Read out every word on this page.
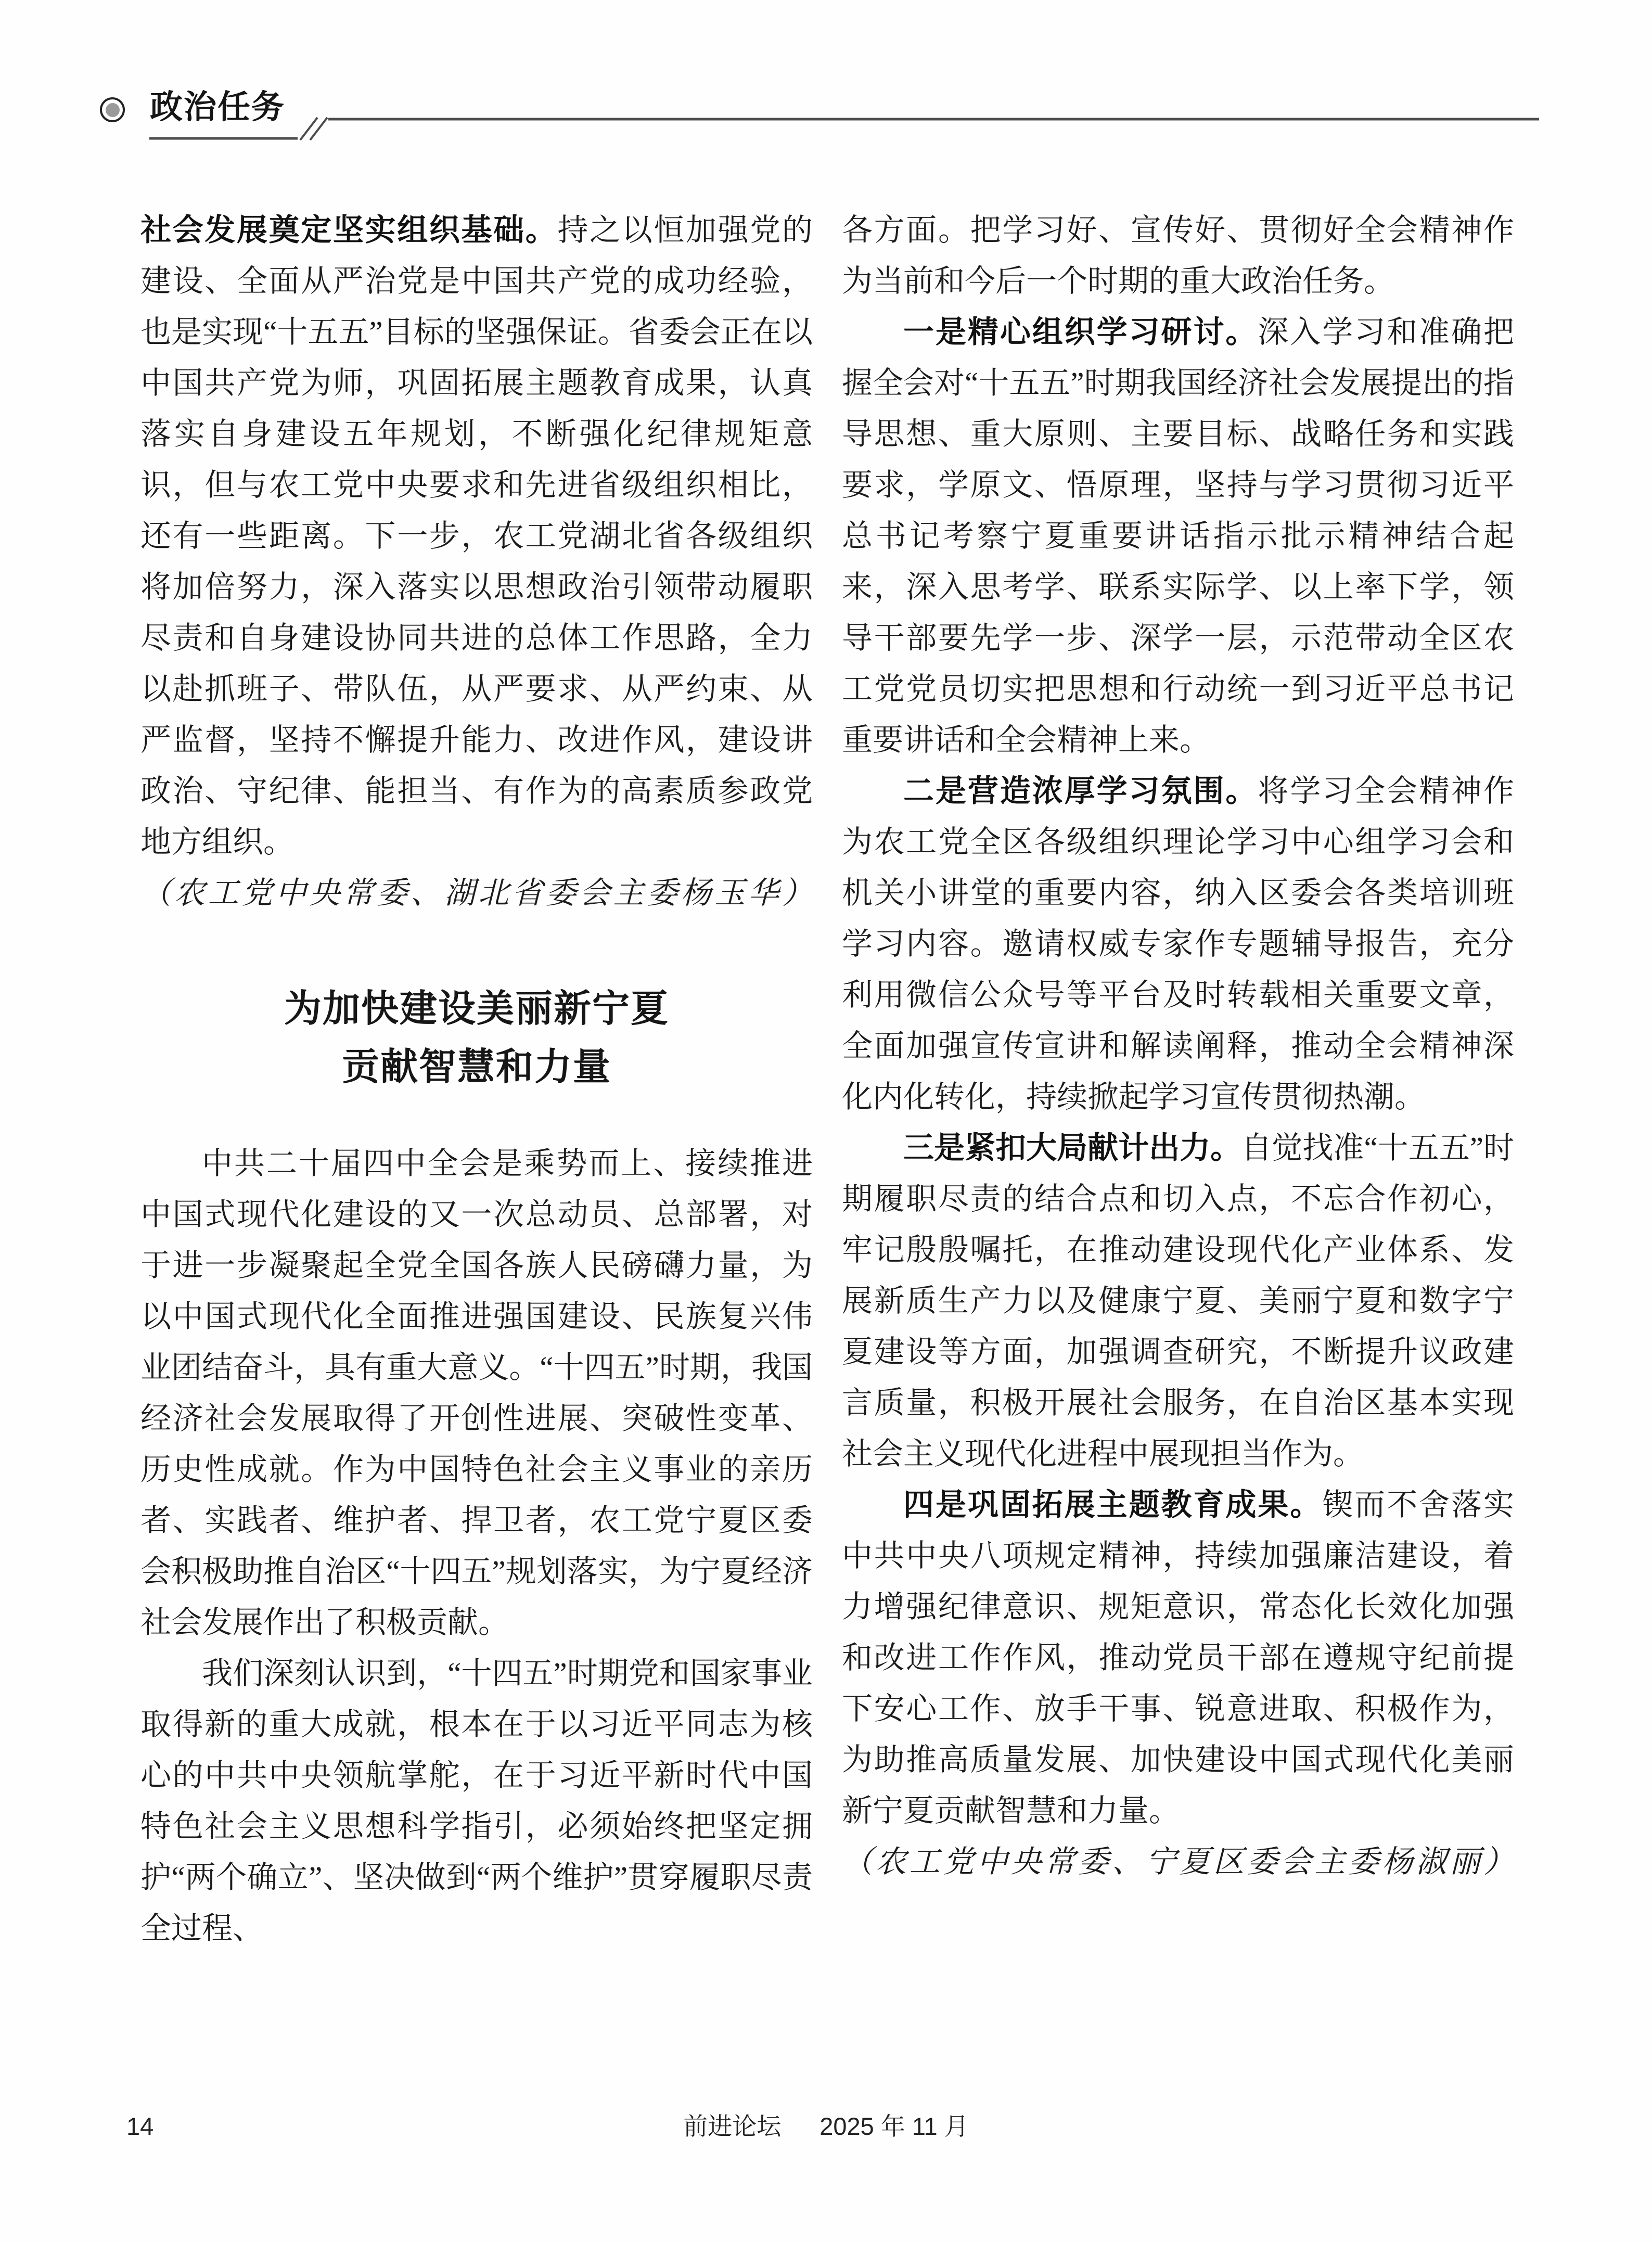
政治任务

社会发展奠定坚实组织基础。持之以恒加强党的建设、全面从严治党是中国共产党的成功经验，也是实现“十五五”目标的坚强保证。省委会正在以中国共产党为师，巩固拓展主题教育成果，认真落实自身建设五年规划，不断强化纪律规矩意识，但与农工党中央要求和先进省级组织相比，还有一些距离。下一步，农工党湖北省各级组织将加倍努力，深入落实以思想政治引领带动履职尽责和自身建设协同共进的总体工作思路，全力以赴抓班子、带队伍，从严要求、从严约束、从严监督，坚持不懈提升能力、改进作风，建设讲政治、守纪律、能担当、有作为的高素质参政党地方组织。

（农工党中央常委、湖北省委会主委杨玉华）

为加快建设美丽新宁夏
贡献智慧和力量

中共二十届四中全会是乘势而上、接续推进中国式现代化建设的又一次总动员、总部署，对于进一步凝聚起全党全国各族人民磅礴力量，为以中国式现代化全面推进强国建设、民族复兴伟业团结奋斗，具有重大意义。“十四五”时期，我国经济社会发展取得了开创性进展、突破性变革、历史性成就。作为中国特色社会主义事业的亲历者、实践者、维护者、捍卫者，农工党宁夏区委会积极助推自治区“十四五”规划落实，为宁夏经济社会发展作出了积极贡献。

我们深刻认识到，“十四五”时期党和国家事业取得新的重大成就，根本在于以习近平同志为核心的中共中央领航掌舵，在于习近平新时代中国特色社会主义思想科学指引，必须始终把坚定拥护“两个确立”、坚决做到“两个维护”贯穿履职尽责全过程、

各方面。把学习好、宣传好、贯彻好全会精神作为当前和今后一个时期的重大政治任务。

一是精心组织学习研讨。深入学习和准确把握全会对“十五五”时期我国经济社会发展提出的指导思想、重大原则、主要目标、战略任务和实践要求，学原文、悟原理，坚持与学习贯彻习近平总书记考察宁夏重要讲话指示批示精神结合起来，深入思考学、联系实际学、以上率下学，领导干部要先学一步、深学一层，示范带动全区农工党党员切实把思想和行动统一到习近平总书记重要讲话和全会精神上来。

二是营造浓厚学习氛围。将学习全会精神作为农工党全区各级组织理论学习中心组学习会和机关小讲堂的重要内容，纳入区委会各类培训班学习内容。邀请权威专家作专题辅导报告，充分利用微信公众号等平台及时转载相关重要文章，全面加强宣传宣讲和解读阐释，推动全会精神深化内化转化，持续掀起学习宣传贯彻热潮。

三是紧扣大局献计出力。自觉找准“十五五”时期履职尽责的结合点和切入点，不忘合作初心，牢记殷殷嘱托，在推动建设现代化产业体系、发展新质生产力以及健康宁夏、美丽宁夏和数字宁夏建设等方面，加强调查研究，不断提升议政建言质量，积极开展社会服务，在自治区基本实现社会主义现代化进程中展现担当作为。

四是巩固拓展主题教育成果。锲而不舍落实中共中央八项规定精神，持续加强廉洁建设，着力增强纪律意识、规矩意识，常态化长效化加强和改进工作作风，推动党员干部在遵规守纪前提下安心工作、放手干事、锐意进取、积极作为，为助推高质量发展、加快建设中国式现代化美丽新宁夏贡献智慧和力量。

（农工党中央常委、宁夏区委会主委杨淑丽）

14	前进论坛 2025 年 11 月
